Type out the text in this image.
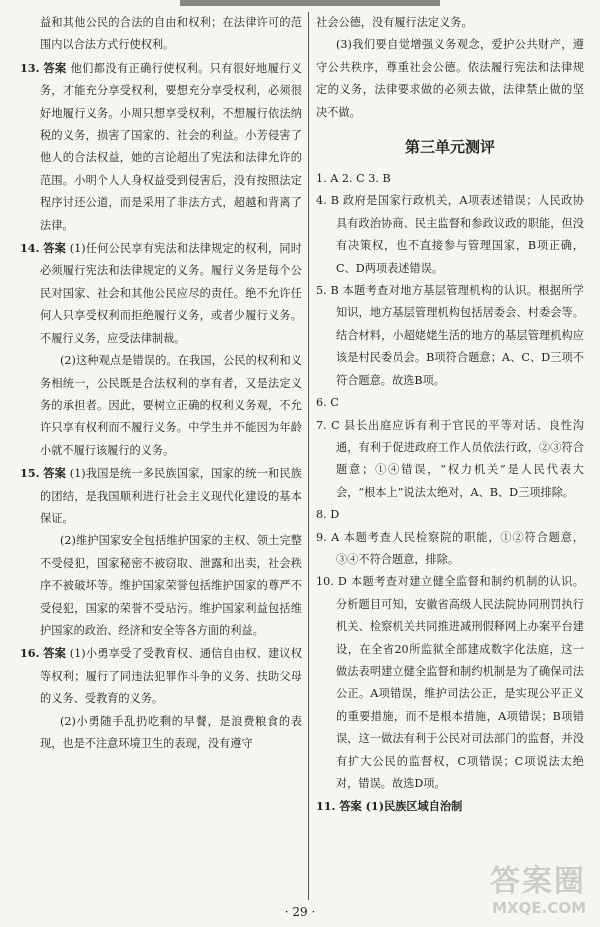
益和其他公民的合法的自由和权利；在法律许可的范围内以合法方式行使权利。

13. 答案 他们都没有正确行使权利。只有很好地履行义务，才能充分享受权利，要想充分享受权利，必须很好地履行义务。小周只想享受权利，不想履行依法纳税的义务，损害了国家的、社会的利益。小芳侵害了他人的合法权益，她的言论超出了宪法和法律允许的范围。小明个人人身权益受到侵害后，没有按照法定程序讨还公道，而是采用了非法方式，超越和背离了法律。

14. 答案 (1)任何公民享有宪法和法律规定的权利，同时必须履行宪法和法律规定的义务。履行义务是每个公民对国家、社会和其他公民应尽的责任。绝不允许任何人只享受权利而拒绝履行义务，或者少履行义务。不履行义务，应受法律制裁。

(2)这种观点是错误的。在我国，公民的权利和义务相统一，公民既是合法权利的享有者，又是法定义务的承担者。因此，要树立正确的权利义务观，不允许只享有权利而不履行义务。中学生并不能因为年龄小就不履行该履行的义务。

15. 答案 (1)我国是统一多民族国家，国家的统一和民族的团结，是我国顺利进行社会主义现代化建设的基本保证。

(2)维护国家安全包括维护国家的主权、领土完整不受侵犯，国家秘密不被窃取、泄露和出卖，社会秩序不被破坏等。维护国家荣誉包括维护国家的尊严不受侵犯，国家的荣誉不受玷污。维护国家利益包括维护国家的政治、经济和安全等各方面的利益。

16. 答案 (1)小勇享受了受教育权、通信自由权、建议权等权利；履行了同违法犯罪作斗争的义务、扶助父母的义务、受教育的义务。

(2)小勇随手乱扔吃剩的早餐，是浪费粮食的表现，也是不注意环境卫生的表现，没有遵守

社会公德，没有履行法定义务。

(3)我们要自觉增强义务观念，爱护公共财产，遵守公共秩序，尊重社会公德。依法履行宪法和法律规定的义务，法律要求做的必须去做，法律禁止做的坚决不做。

第三单元测评

1. A 2. C 3. B

4. B 政府是国家行政机关，A项表述错误；人民政协具有政治协商、民主监督和参政议政的职能，但没有决策权，也不直接参与管理国家，B项正确，C、D两项表述错误。

5. B 本题考查对地方基层管理机构的认识。根据所学知识，地方基层管理机构包括居委会、村委会等。结合材料，小超姥姥生活的地方的基层管理机构应该是村民委员会。B项符合题意；A、C、D三项不符合题意。故选B项。

6. C

7. C 县长出庭应诉有利于官民的平等对话、良性沟通，有利于促进政府工作人员依法行政，②③符合题意；①④错误，“权力机关”是人民代表大会，“根本上”说法太绝对，A、B、D三项排除。

8. D

9. A 本题考查人民检察院的职能，①②符合题意，③④不符合题意，排除。

10. D 本题考查对建立健全监督和制约机制的认识。分析题目可知，安徽省高级人民法院协同刑罚执行机关、检察机关共同推进减刑假释网上办案平台建设，在全省20所监狱全部建成数字化法庭，这一做法表明建立健全监督和制约机制是为了确保司法公正。A项错误，维护司法公正，是实现公平正义的重要措施，而不是根本措施，A项错误；B项错误，这一做法有利于公民对司法部门的监督，并没有扩大公民的监督权，C项错误；C项说法太绝对，错误。故选D项。

11. 答案 (1)民族区域自治制

· 29 ·
答案圈
MXQE.COM
